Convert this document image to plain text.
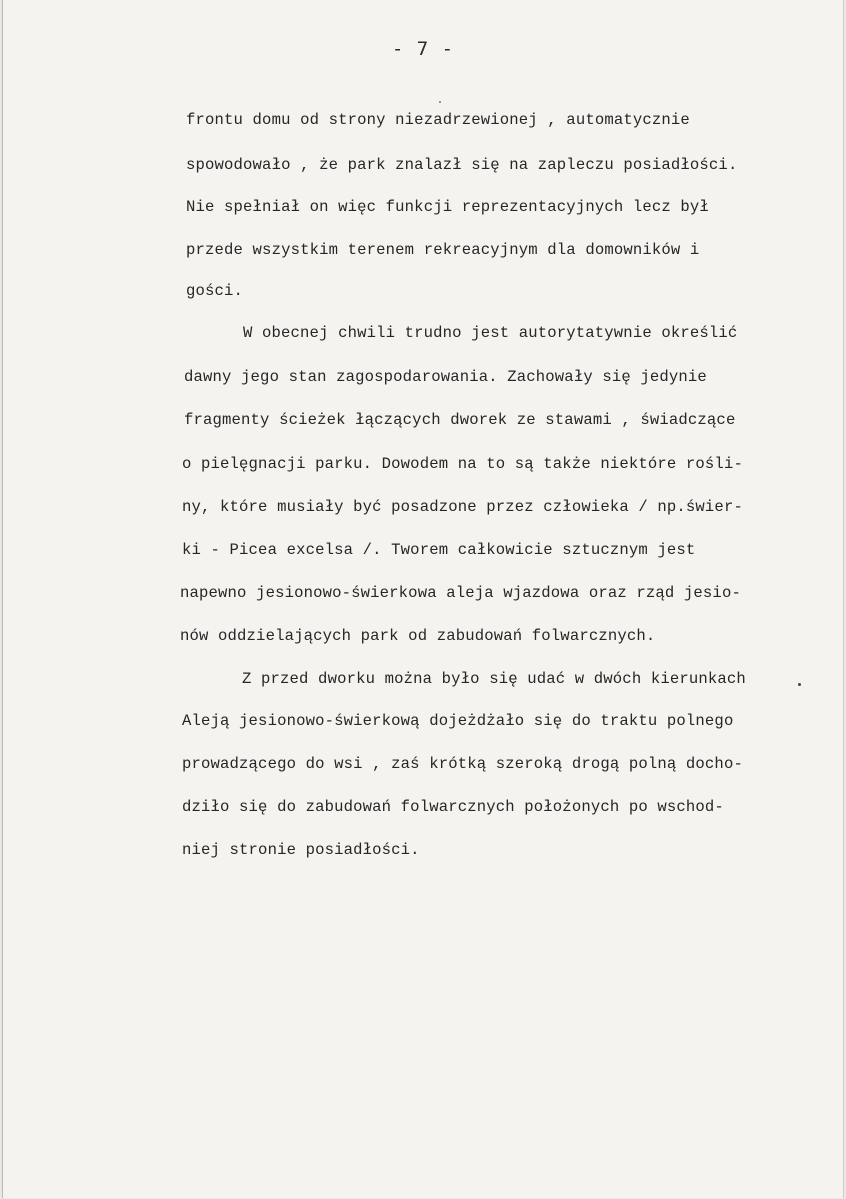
- 7 -
frontu domu od strony niezadrzewionej , automatycznie
spowodowało , że park znalazł się na zapleczu posiadłości.
Nie spełniał on więc funkcji reprezentacyjnych lecz był
przede wszystkim terenem rekreacyjnym dla domowników i
gości.
W obecnej chwili trudno jest autorytatywnie określić
dawny jego stan zagospodarowania. Zachowały się jedynie
fragmenty ścieżek łączących dworek ze stawami , świadczące
o pielęgnacji parku. Dowodem na to są także niektóre rośli-
ny, które musiały być posadzone przez człowieka / np.świer-
ki - Picea excelsa /. Tworem całkowicie sztucznym jest
napewno jesionowo-świerkowa aleja wjazdowa oraz rząd jesio-
nów oddzielających park od zabudowań folwarcznych.
Z przed dworku można było się udać w dwóch kierunkach
Aleją jesionowo-świerkową dojeżdżało się do traktu polnego
prowadzącego do wsi , zaś krótką szeroką drogą polną docho-
dziło się do zabudowań folwarcznych położonych po wschod-
niej stronie posiadłości.
